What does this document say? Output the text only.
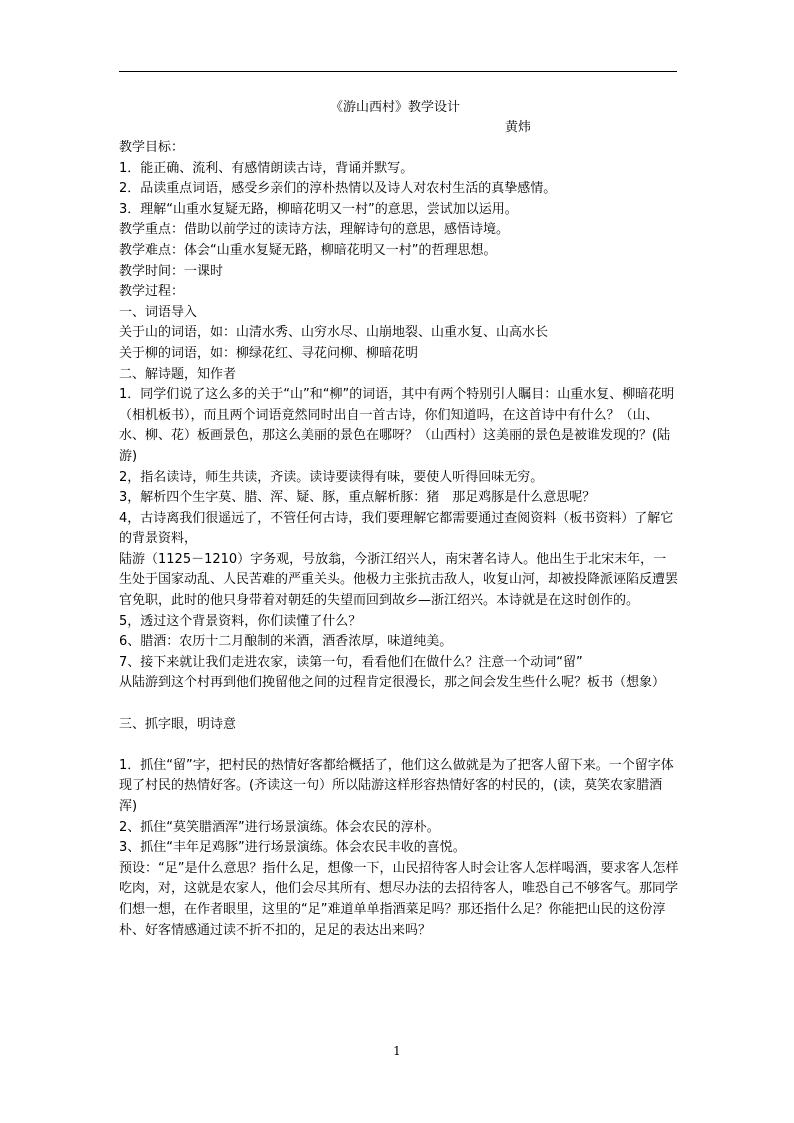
《游山西村》教学设计
黄炜

教学目标：

1．能正确、流利、有感情朗读古诗，背诵并默写。

2．品读重点词语，感受乡亲们的淳朴热情以及诗人对农村生活的真挚感情。

3．理解“山重水复疑无路，柳暗花明又一村”的意思，尝试加以运用。

教学重点：借助以前学过的读诗方法，理解诗句的意思，感悟诗境。

教学难点：体会“山重水复疑无路，柳暗花明又一村”的哲理思想。

教学时间：一课时

教学过程：

一、词语导入

关于山的词语，如：山清水秀、山穷水尽、山崩地裂、山重水复、山高水长

关于柳的词语，如：柳绿花红、寻花问柳、柳暗花明

二、解诗题，知作者

1．同学们说了这么多的关于“山”和“柳”的词语，其中有两个特别引人瞩目：山重水复、柳暗花明（相机板书），而且两个词语竟然同时出自一首古诗，你们知道吗，在这首诗中有什么？（山、水、柳、花）板画景色，那这么美丽的景色在哪呀？（山西村）这美丽的景色是被谁发现的？(陆游)

2，指名读诗，师生共读，齐读。读诗要读得有味，要使人听得回味无穷。

3，解析四个生字莫、腊、浑、疑、豚，重点解析豚：猪　那足鸡豚是什么意思呢？

4，古诗离我们很遥远了，不管任何古诗，我们要理解它都需要通过查阅资料（板书资料）了解它的背景资料，

陆游（1125－1210）字务观，号放翁，今浙江绍兴人，南宋著名诗人。他出生于北宋末年，一生处于国家动乱、人民苦难的严重关头。他极力主张抗击敌人，收复山河，却被投降派诬陷反遭罢官免职，此时的他只身带着对朝廷的失望而回到故乡—浙江绍兴。本诗就是在这时创作的。

5，透过这个背景资料，你们读懂了什么？

6、腊酒：农历十二月酿制的米酒，酒香浓厚，味道纯美。

7、接下来就让我们走进农家，读第一句，看看他们在做什么？注意一个动词“留”

从陆游到这个村再到他们挽留他之间的过程肯定很漫长，那之间会发生些什么呢？板书（想象）

三、抓字眼，明诗意

1．抓住“留”字，把村民的热情好客都给概括了，他们这么做就是为了把客人留下来。一个留字体现了村民的热情好客。(齐读这一句）所以陆游这样形容热情好客的村民的，(读，莫笑农家腊酒浑)

2、抓住“莫笑腊酒浑”进行场景演练。体会农民的淳朴。

3、抓住“丰年足鸡豚”进行场景演练。体会农民丰收的喜悦。

预设：“足”是什么意思？指什么足，想像一下，山民招待客人时会让客人怎样喝酒，要求客人怎样吃肉，对，这就是农家人，他们会尽其所有、想尽办法的去招待客人，唯恐自己不够客气。那同学们想一想，在作者眼里，这里的“足”难道单单指酒菜足吗？那还指什么足？你能把山民的这份淳朴、好客情感通过读不折不扣的，足足的表达出来吗？

1
